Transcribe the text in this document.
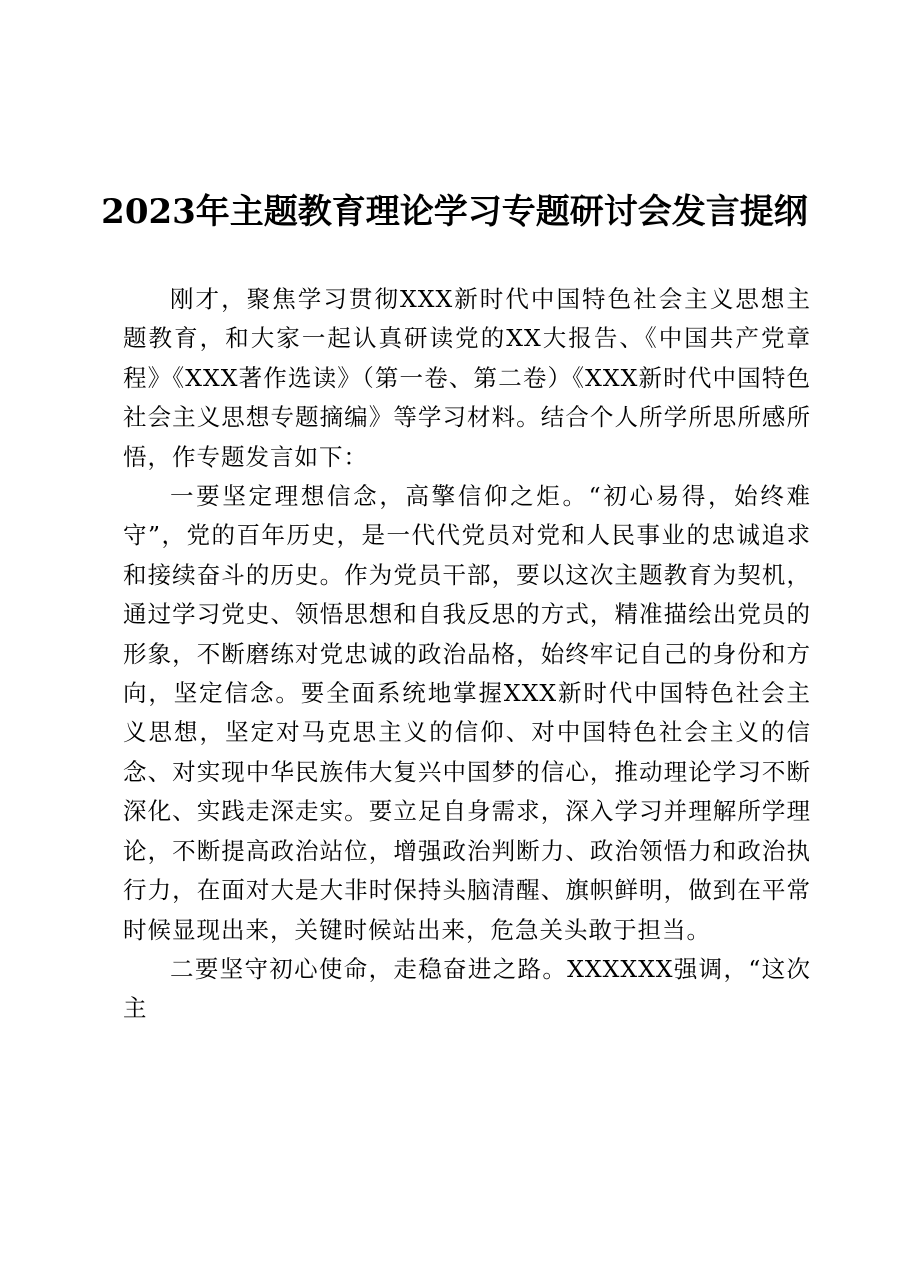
2023年主题教育理论学习专题研讨会发言提纲

刚才，聚焦学习贯彻XXX新时代中国特色社会主义思想主题教育，和大家一起认真研读党的XX大报告、《中国共产党章程》《XXX著作选读》（第一卷、第二卷）《XXX新时代中国特色社会主义思想专题摘编》等学习材料。结合个人所学所思所感所悟，作专题发言如下：

一要坚定理想信念，高擎信仰之炬。“初心易得，始终难守”，党的百年历史，是一代代党员对党和人民事业的忠诚追求和接续奋斗的历史。作为党员干部，要以这次主题教育为契机，通过学习党史、领悟思想和自我反思的方式，精准描绘出党员的形象，不断磨练对党忠诚的政治品格，始终牢记自己的身份和方向，坚定信念。要全面系统地掌握XXX新时代中国特色社会主义思想，坚定对马克思主义的信仰、对中国特色社会主义的信念、对实现中华民族伟大复兴中国梦的信心，推动理论学习不断深化、实践走深走实。要立足自身需求，深入学习并理解所学理论，不断提高政治站位，增强政治判断力、政治领悟力和政治执行力，在面对大是大非时保持头脑清醒、旗帜鲜明，做到在平常时候显现出来，关键时候站出来，危急关头敢于担当。

二要坚守初心使命，走稳奋进之路。XXXXXX强调，“这次主
